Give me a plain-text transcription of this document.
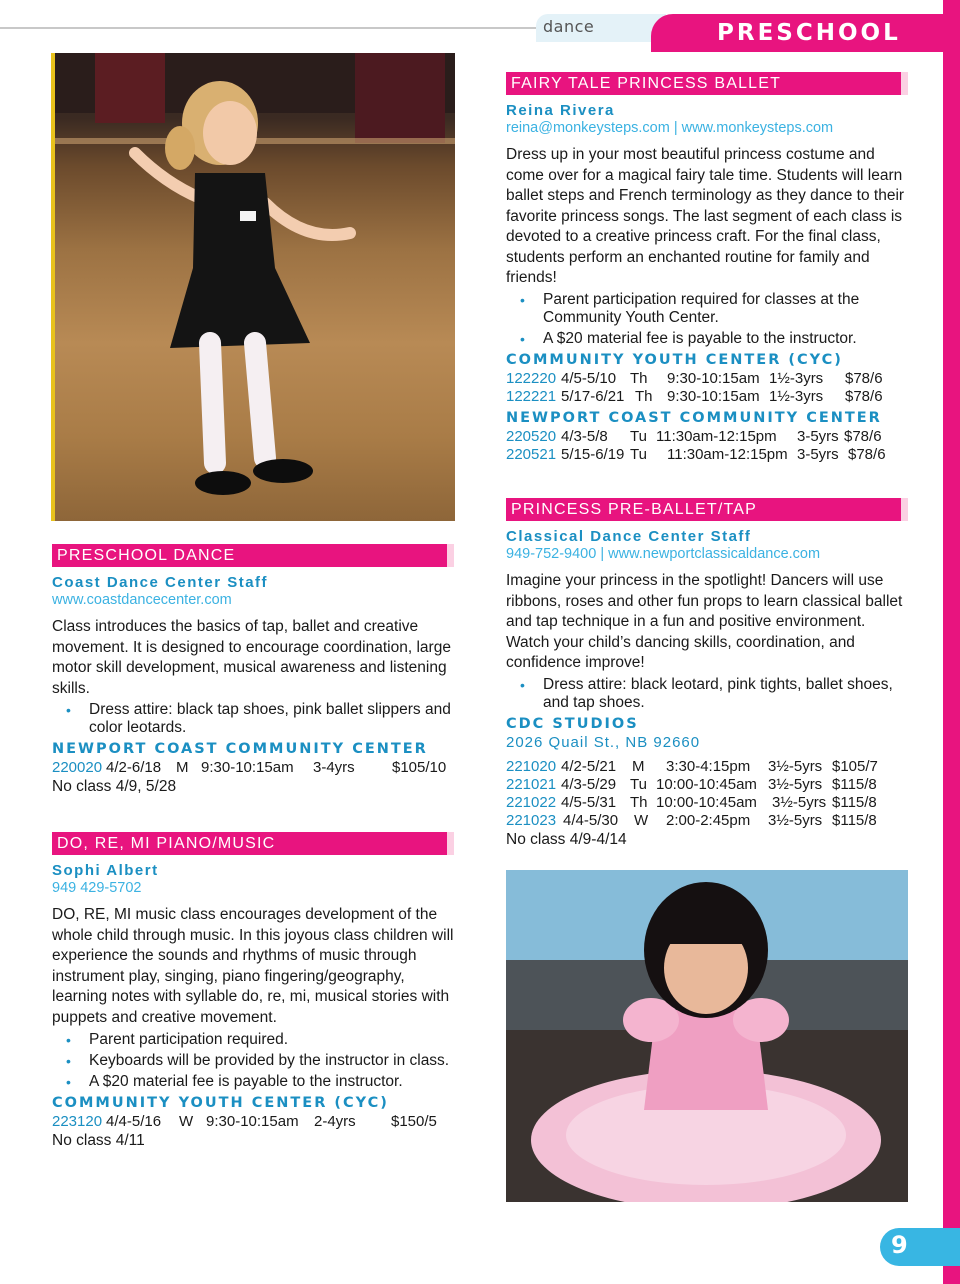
dance	PRESCHOOL
PRESCHOOL DANCE
Coast Dance Center Staff
www.coastdancecenter.com
Class introduces the basics of tap, ballet and creative movement. It is designed to encourage coordination, large motor skill development, musical awareness and listening skills.
• Dress attire: black tap shoes, pink ballet slippers and color leotards.
NEWPORT COAST COMMUNITY CENTER
220020 4/2-6/18 M 9:30-10:15am 3-4yrs $105/10
No class 4/9, 5/28
DO, RE, MI PIANO/MUSIC
Sophi Albert
949 429-5702
DO, RE, MI music class encourages development of the whole child through music. In this joyous class children will experience the sounds and rhythms of music through instrument play, singing, piano fingering/geography, learning notes with syllable do, re, mi, musical stories with puppets and creative movement.
• Parent participation required.
• Keyboards will be provided by the instructor in class.
• A $20 material fee is payable to the instructor.
COMMUNITY YOUTH CENTER (CYC)
223120 4/4-5/16 W 9:30-10:15am 2-4yrs $150/5
No class 4/11
FAIRY TALE PRINCESS BALLET
Reina Rivera
reina@monkeysteps.com | www.monkeysteps.com
Dress up in your most beautiful princess costume and come over for a magical fairy tale time. Students will learn ballet steps and French terminology as they dance to their favorite princess songs. The last segment of each class is devoted to a creative princess craft. For the final class, students perform an enchanted routine for family and friends!
• Parent participation required for classes at the Community Youth Center.
• A $20 material fee is payable to the instructor.
COMMUNITY YOUTH CENTER (CYC)
122220 4/5-5/10 Th 9:30-10:15am 1½-3yrs $78/6
122221 5/17-6/21 Th 9:30-10:15am 1½-3yrs $78/6
NEWPORT COAST COMMUNITY CENTER
220520 4/3-5/8 Tu 11:30am-12:15pm 3-5yrs $78/6
220521 5/15-6/19 Tu 11:30am-12:15pm 3-5yrs $78/6
PRINCESS PRE-BALLET/TAP
Classical Dance Center Staff
949-752-9400 | www.newportclassicaldance.com
Imagine your princess in the spotlight! Dancers will use ribbons, roses and other fun props to learn classical ballet and tap technique in a fun and positive environment. Watch your child’s dancing skills, coordination, and confidence improve!
• Dress attire: black leotard, pink tights, ballet shoes, and tap shoes.
CDC STUDIOS
2026 Quail St., NB 92660
221020 4/2-5/21 M 3:30-4:15pm 3½-5yrs $105/7
221021 4/3-5/29 Tu 10:00-10:45am 3½-5yrs $115/8
221022 4/5-5/31 Th 10:00-10:45am 3½-5yrs $115/8
221023 4/4-5/30 W 2:00-2:45pm 3½-5yrs $115/8
No class 4/9-4/14
9
